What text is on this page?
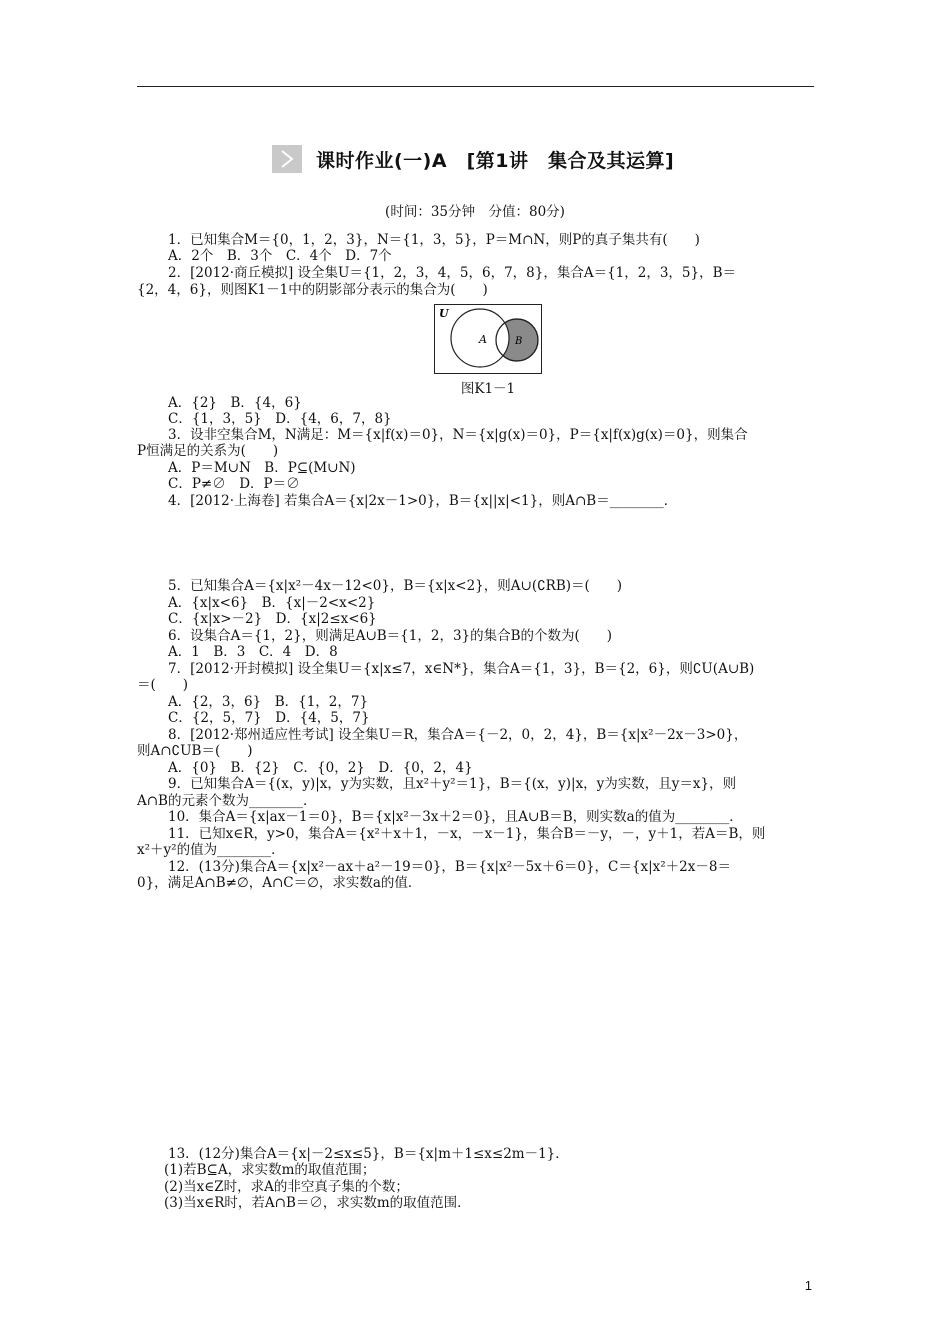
课时作业(一)A　[第1讲　集合及其运算]
(时间：35分钟　分值：80分)
1．已知集合M＝{0，1，2，3}，N＝{1，3，5}，P＝M∩N，则P的真子集共有(　　)
A．2个　B．3个　C．4个　D．7个
2．[2012·商丘模拟] 设全集U＝{1，2，3，4，5，6，7，8}，集合A＝{1，2，3，5}，B＝
{2，4，6}，则图K1－1中的阴影部分表示的集合为(　　)
U
A	B
图K1－1
A．{2}　B．{4，6}
C．{1，3，5}　D．{4，6，7，8}
3．设非空集合M，N满足：M＝{x|f(x)＝0}，N＝{x|g(x)＝0}，P＝{x|f(x)g(x)＝0}，则集合
P恒满足的关系为(　　)
A．P＝M∪N　B．P⊆(M∪N)
C．P≠∅　D．P＝∅
4．[2012·上海卷] 若集合A＝{x|2x－1>0}，B＝{x||x|<1}，则A∩B＝________．
5．已知集合A＝{x|x²－4x－12<0}，B＝{x|x<2}，则A∪(∁RB)＝(　　)
A．{x|x<6}　B．{x|－2<x<2}
C．{x|x>－2}　D．{x|2≤x<6}
6．设集合A＝{1，2}，则满足A∪B＝{1，2，3}的集合B的个数为(　　)
A．1　B．3　C．4　D．8
7．[2012·开封模拟] 设全集U＝{x|x≤7，x∈N*}，集合A＝{1，3}，B＝{2，6}，则∁U(A∪B)
＝(　　)
A．{2，3，6}　B．{1，2，7}
C．{2，5，7}　D．{4，5，7}
8．[2012·郑州适应性考试] 设全集U＝R，集合A＝{－2，0，2，4}，B＝{x|x²－2x－3>0}，
则A∩∁UB＝(　　)
A．{0}　B．{2}　C．{0，2}　D．{0，2，4}
9．已知集合A＝{(x，y)|x，y为实数，且x²＋y²＝1}，B＝{(x，y)|x，y为实数，且y＝x}，则
A∩B的元素个数为________．
10．集合A＝{x|ax－1＝0}，B＝{x|x²－3x＋2＝0}，且A∪B＝B，则实数a的值为________．
11．已知x∈R，y>0，集合A＝{x²＋x＋1，－x，－x－1}，集合B＝－y，－，y＋1，若A＝B，则
x²＋y²的值为________．
12．(13分)集合A＝{x|x²－ax＋a²－19＝0}，B＝{x|x²－5x＋6＝0}，C＝{x|x²＋2x－8＝
0}，满足A∩B≠∅，A∩C＝∅，求实数a的值．
13．(12分)集合A＝{x|－2≤x≤5}，B＝{x|m＋1≤x≤2m－1}．
(1)若B⊆A，求实数m的取值范围；
(2)当x∈Z时，求A的非空真子集的个数；
(3)当x∈R时，若A∩B＝∅，求实数m的取值范围．
1
